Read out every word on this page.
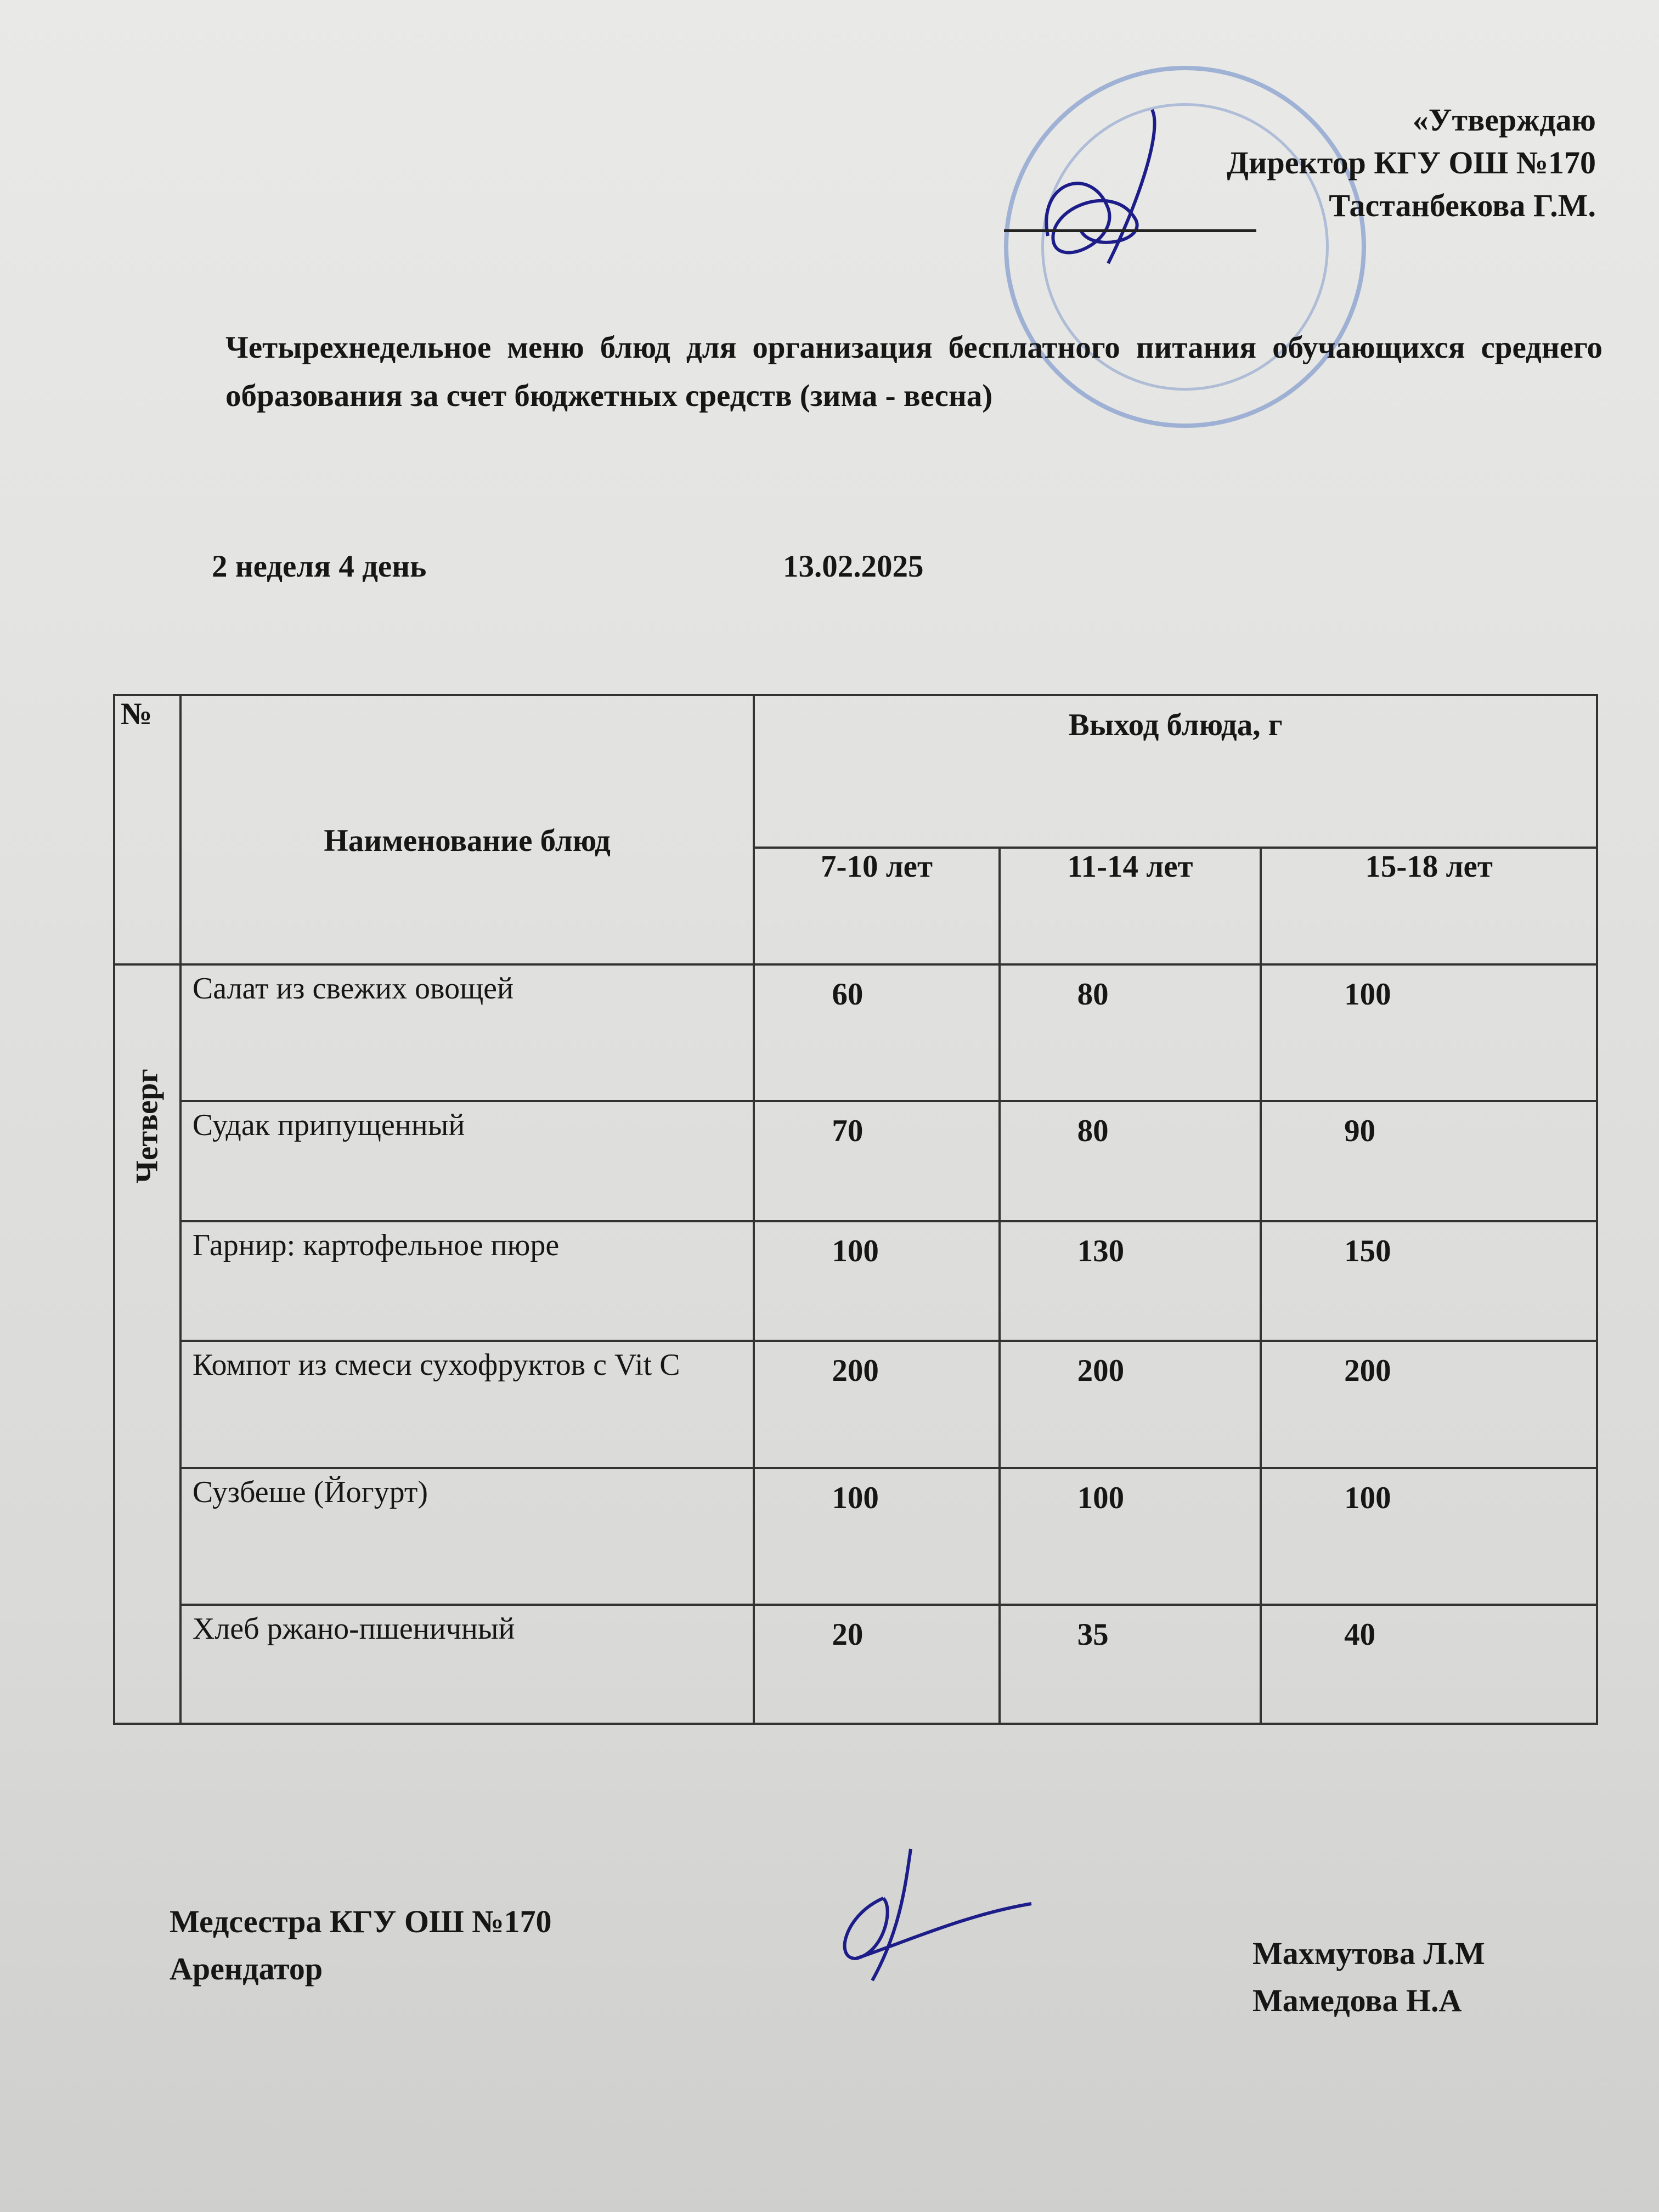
«Утверждаю
Директор КГУ ОШ №170
Тастанбекова Г.М.
Четырехнедельное меню блюд для организация бесплатного питания обучающихся среднего образования за счет бюджетных средств (зима - весна)
2 неделя 4 день	13.02.2025
№	Наименование блюд	Выход блюда, г		
		7-10 лет	11-14 лет	15-18 лет

Четверг	Салат из свежих овощей	60	80	100
	Судак припущенный	70	80	90
	Гарнир: картофельное пюре	100	130	150
	Компот из смеси сухофруктов с Vit C	200	200	200
	Сузбеше (Йогурт)	100	100	100
	Хлеб ржано-пшеничный	20	35	40
Медсестра КГУ ОШ №170
Арендатор	Махмутова Л.М
Мамедова Н.А
